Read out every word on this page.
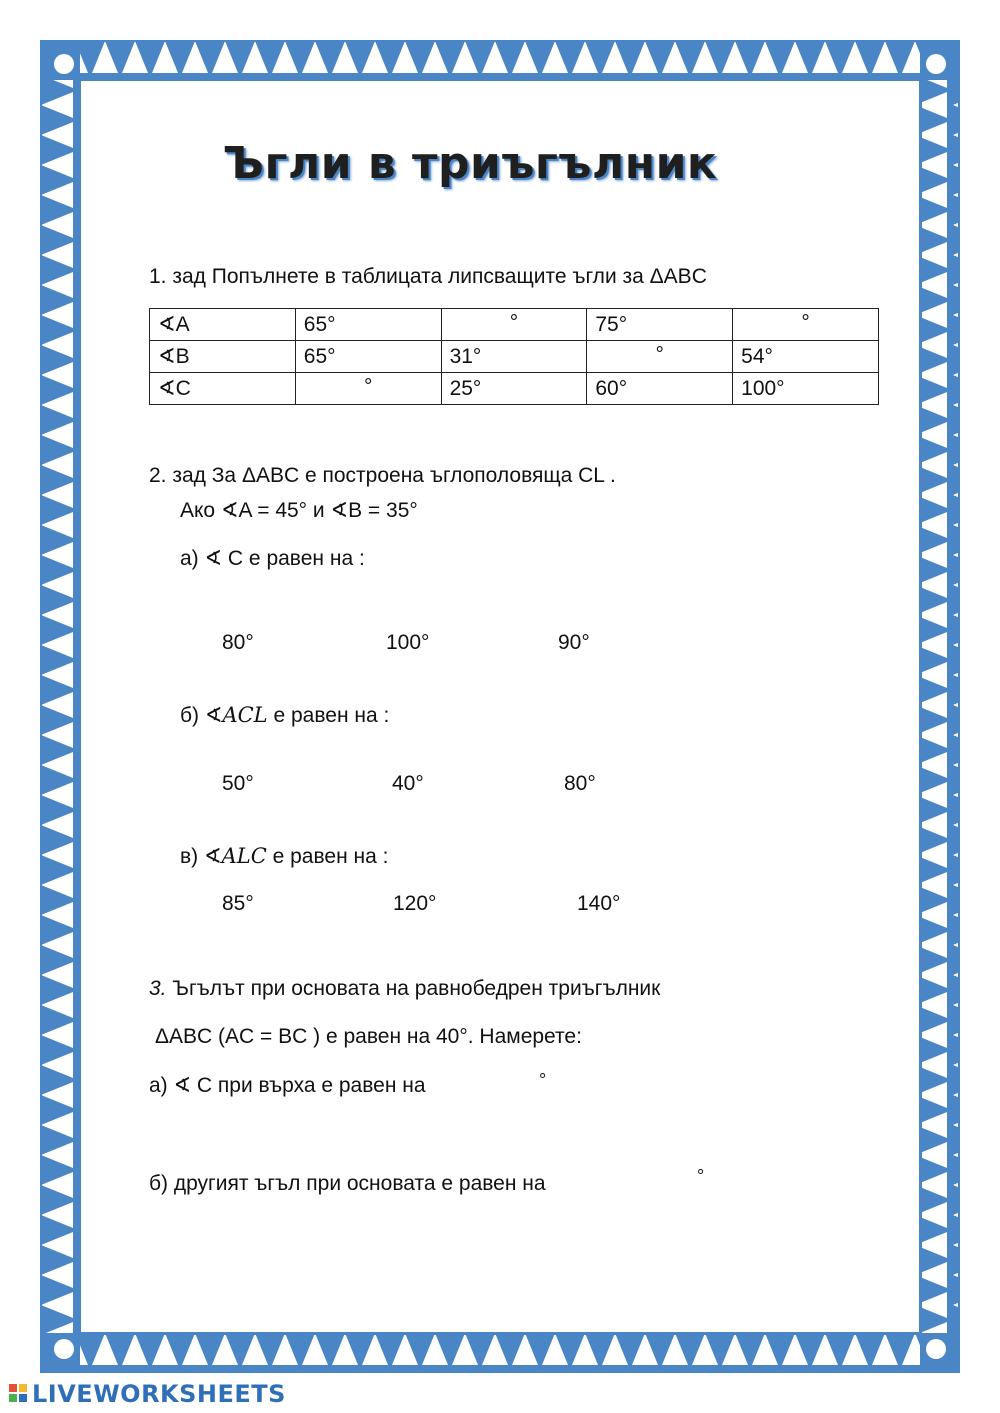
Ъгли в триъгълник
1. зад Попълнете в таблицата липсващите ъгли за ΔABC
∢A	65°	°	75°	°
∢B	65°	31°	°	54°
∢C	°	25°	60°	100°
2. зад За ΔABC е построена ъглополовяща CL .
Ако ∢A = 45° и ∢B = 35°
а) ∢ C е равен на :
80°	100°	90°
б) ∢ACL е равен на :
50°	40°	80°
в) ∢ALC е равен на :
85°	120°	140°
3. Ъгълът при основата на равнобедрен триъгълник
ΔABC (AC = BC ) е равен на 40°. Намерете:
а) ∢ C при върха е равен на	°
б) другият ъгъл при основата е равен на	°

LIVEWORKSHEETS
